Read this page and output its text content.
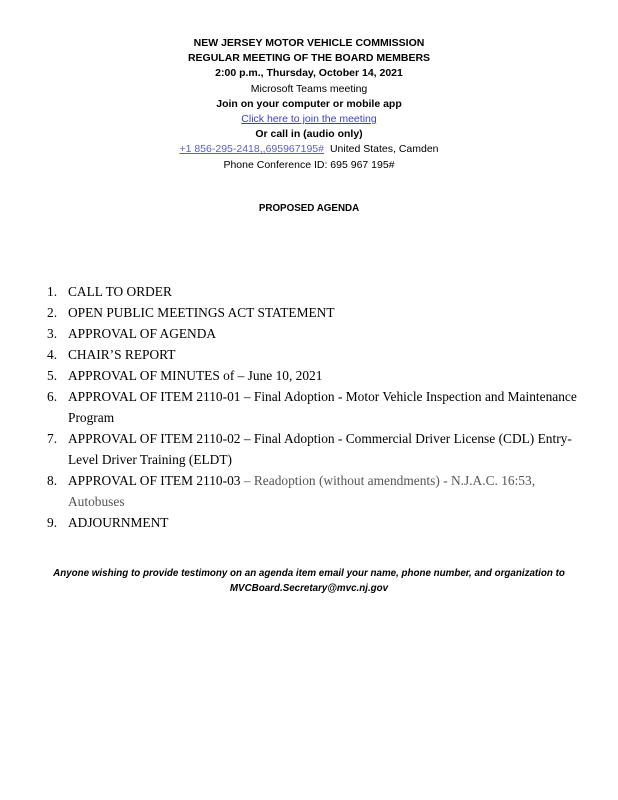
NEW JERSEY MOTOR VEHICLE COMMISSION
REGULAR MEETING OF THE BOARD MEMBERS
2:00 p.m., Thursday, October 14, 2021
Microsoft Teams meeting
Join on your computer or mobile app
Click here to join the meeting
Or call in (audio only)
+1 856-295-2418,,695967195# United States, Camden
Phone Conference ID: 695 967 195#
PROPOSED AGENDA
1. CALL TO ORDER
2. OPEN PUBLIC MEETINGS ACT STATEMENT
3. APPROVAL OF AGENDA
4. CHAIR’S REPORT
5. APPROVAL OF MINUTES of – June 10, 2021
6. APPROVAL OF ITEM 2110-01 – Final Adoption - Motor Vehicle Inspection and Maintenance Program
7. APPROVAL OF ITEM 2110-02 – Final Adoption - Commercial Driver License (CDL) Entry-Level Driver Training (ELDT)
8. APPROVAL OF ITEM 2110-03 – Readoption (without amendments) - N.J.A.C. 16:53, Autobuses
9. ADJOURNMENT
Anyone wishing to provide testimony on an agenda item email your name, phone number, and organization to
MVCBoard.Secretary@mvc.nj.gov
